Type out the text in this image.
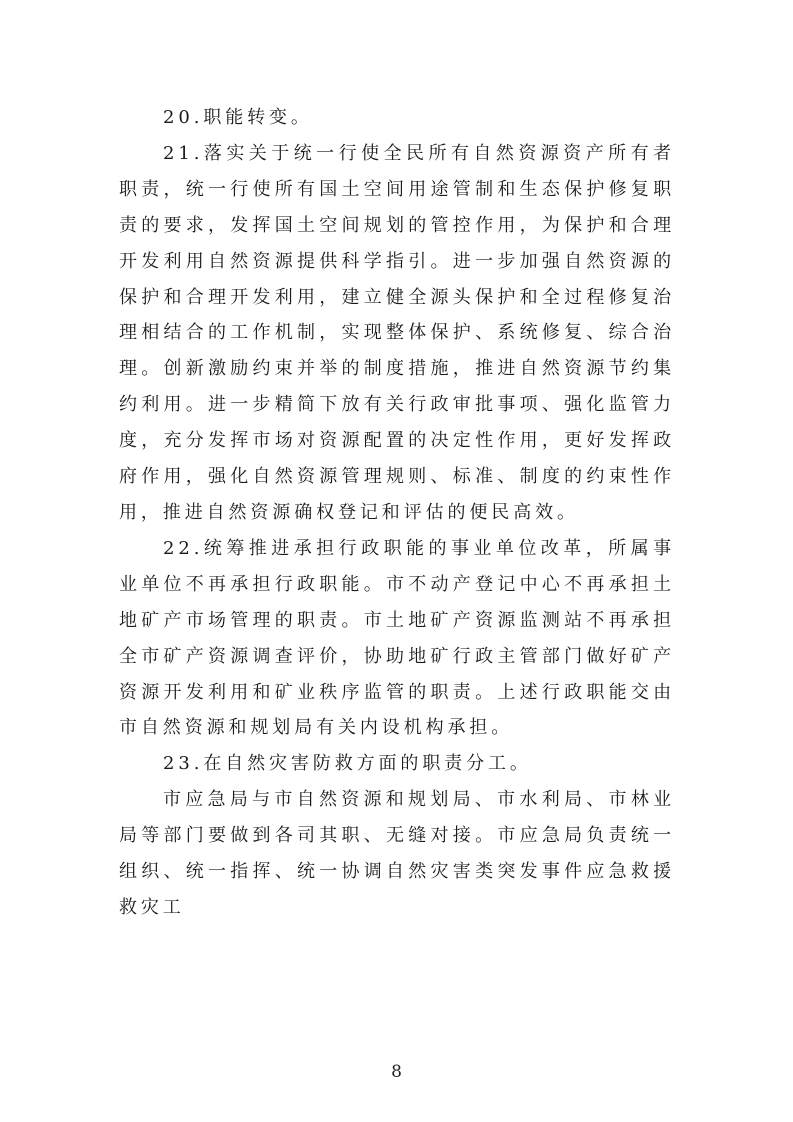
20.职能转变。

21.落实关于统一行使全民所有自然资源资产所有者职责，统一行使所有国土空间用途管制和生态保护修复职责的要求，发挥国土空间规划的管控作用，为保护和合理开发利用自然资源提供科学指引。进一步加强自然资源的保护和合理开发利用，建立健全源头保护和全过程修复治理相结合的工作机制，实现整体保护、系统修复、综合治理。创新激励约束并举的制度措施，推进自然资源节约集约利用。进一步精简下放有关行政审批事项、强化监管力度，充分发挥市场对资源配置的决定性作用，更好发挥政府作用，强化自然资源管理规则、标准、制度的约束性作用，推进自然资源确权登记和评估的便民高效。

22.统筹推进承担行政职能的事业单位改革，所属事业单位不再承担行政职能。市不动产登记中心不再承担土地矿产市场管理的职责。市土地矿产资源监测站不再承担全市矿产资源调查评价，协助地矿行政主管部门做好矿产资源开发利用和矿业秩序监管的职责。上述行政职能交由市自然资源和规划局有关内设机构承担。

23.在自然灾害防救方面的职责分工。

市应急局与市自然资源和规划局、市水利局、市林业局等部门要做到各司其职、无缝对接。市应急局负责统一组织、统一指挥、统一协调自然灾害类突发事件应急救援救灾工

8
